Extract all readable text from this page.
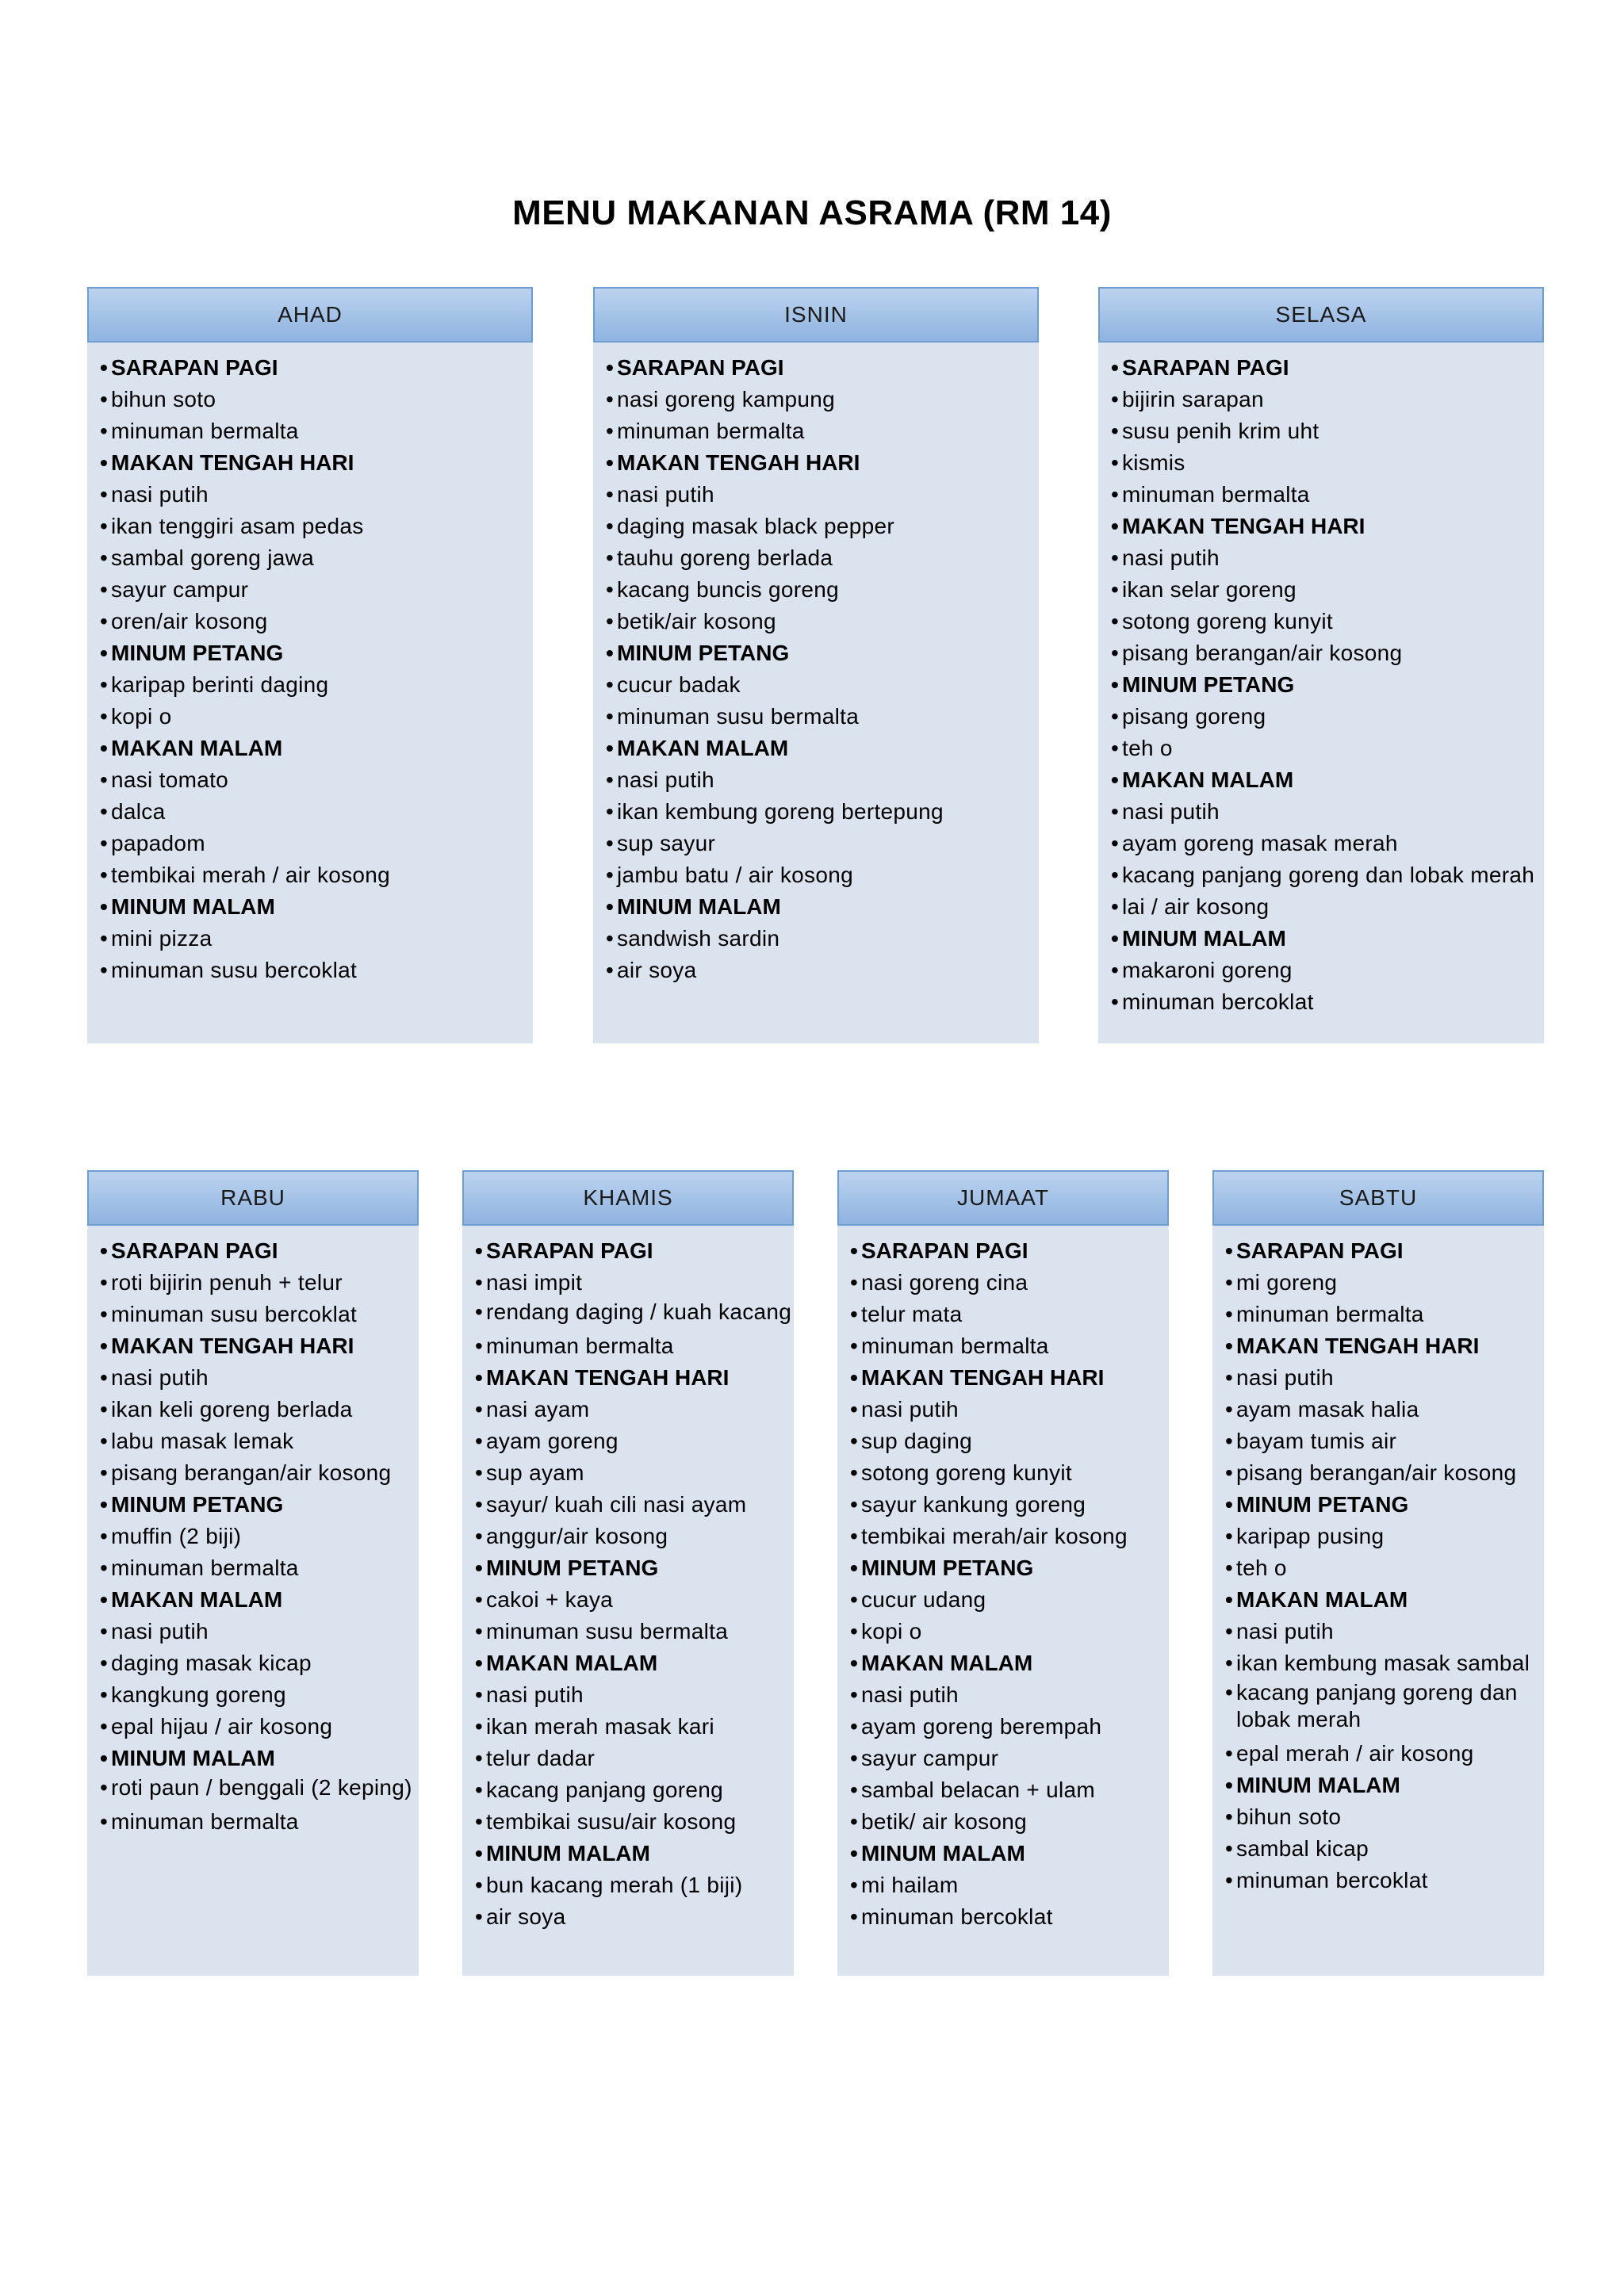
MENU MAKANAN ASRAMA (RM 14)
AHAD
• SARAPAN PAGI
• bihun soto
• minuman bermalta
• MAKAN TENGAH HARI
• nasi putih
• ikan tenggiri asam pedas
• sambal goreng jawa
• sayur campur
• oren/air kosong
• MINUM PETANG
• karipap berinti daging
• kopi o
• MAKAN MALAM
• nasi tomato
• dalca
• papadom
• tembikai merah / air kosong
• MINUM MALAM
• mini pizza
• minuman susu bercoklat
ISNIN
• SARAPAN PAGI
• nasi goreng kampung
• minuman bermalta
• MAKAN TENGAH HARI
• nasi putih
• daging masak black pepper
• tauhu goreng berlada
• kacang buncis goreng
• betik/air kosong
• MINUM PETANG
• cucur badak
• minuman susu bermalta
• MAKAN MALAM
• nasi putih
• ikan kembung goreng bertepung
• sup sayur
• jambu batu / air kosong
• MINUM MALAM
• sandwish sardin
• air soya
SELASA
• SARAPAN PAGI
• bijirin sarapan
• susu penih krim uht
• kismis
• minuman bermalta
• MAKAN TENGAH HARI
• nasi putih
• ikan selar goreng
• sotong goreng kunyit
• pisang berangan/air kosong
• MINUM PETANG
• pisang goreng
• teh o
• MAKAN MALAM
• nasi putih
• ayam goreng masak merah
• kacang panjang goreng dan lobak merah
• lai / air kosong
• MINUM MALAM
• makaroni goreng
• minuman bercoklat
RABU
• SARAPAN PAGI
• roti bijirin penuh + telur
• minuman susu bercoklat
• MAKAN TENGAH HARI
• nasi putih
• ikan keli goreng berlada
• labu masak lemak
• pisang berangan/air kosong
• MINUM PETANG
• muffin (2 biji)
• minuman bermalta
• MAKAN MALAM
• nasi putih
• daging masak kicap
• kangkung goreng
• epal hijau / air kosong
• MINUM MALAM
• roti paun / benggali (2 keping)
• minuman bermalta
KHAMIS
• SARAPAN PAGI
• nasi impit
• rendang daging / kuah kacang
• minuman bermalta
• MAKAN TENGAH HARI
• nasi ayam
• ayam goreng
• sup ayam
• sayur/ kuah cili nasi ayam
• anggur/air kosong
• MINUM PETANG
• cakoi + kaya
• minuman susu bermalta
• MAKAN MALAM
• nasi putih
• ikan merah masak kari
• telur dadar
• kacang panjang goreng
• tembikai susu/air kosong
• MINUM MALAM
• bun kacang merah (1 biji)
• air soya
JUMAAT
• SARAPAN PAGI
• nasi goreng cina
• telur mata
• minuman bermalta
• MAKAN TENGAH HARI
• nasi putih
• sup daging
• sotong goreng kunyit
• sayur kankung goreng
• tembikai merah/air kosong
• MINUM PETANG
• cucur udang
• kopi o
• MAKAN MALAM
• nasi putih
• ayam goreng berempah
• sayur campur
• sambal belacan + ulam
• betik/ air kosong
• MINUM MALAM
• mi hailam
• minuman bercoklat
SABTU
• SARAPAN PAGI
• mi goreng
• minuman bermalta
• MAKAN TENGAH HARI
• nasi putih
• ayam masak halia
• bayam tumis air
• pisang berangan/air kosong
• MINUM PETANG
• karipap pusing
• teh o
• MAKAN MALAM
• nasi putih
• ikan kembung masak sambal
• kacang panjang goreng dan lobak merah
• epal merah / air kosong
• MINUM MALAM
• bihun soto
• sambal kicap
• minuman bercoklat
